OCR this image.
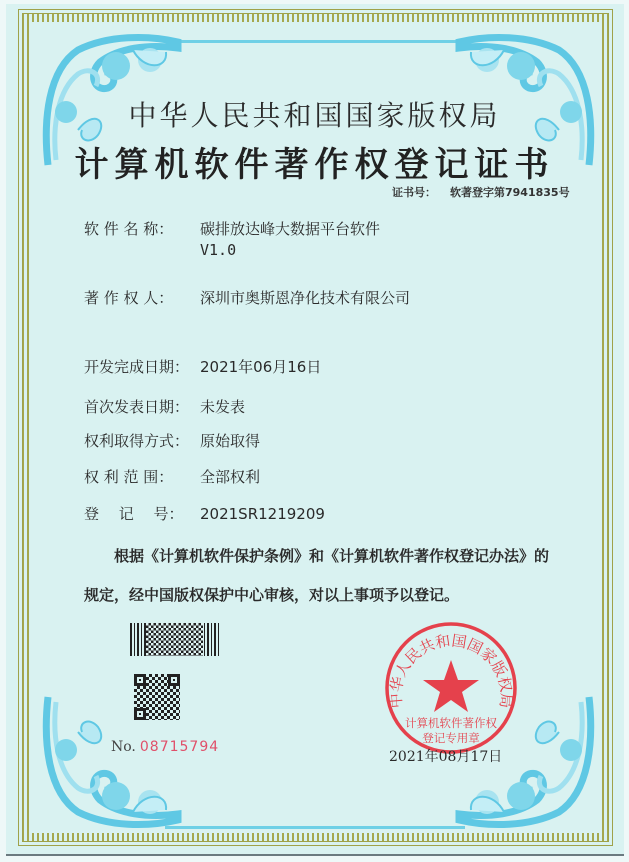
中华人民共和国国家版权局
计算机软件著作权登记证书
证书号： 软著登字第7941835号
软 件 名 称： 碳排放达峰大数据平台软件
V1.0
著 作 权 人： 深圳市奥斯恩净化技术有限公司
开发完成日期： 2021年06月16日
首次发表日期： 未发表
权利取得方式： 原始取得
权 利 范 围： 全部权利
登　 记　 号： 2021SR1219209
根据《计算机软件保护条例》和《计算机软件著作权登记办法》的
规定，经中国版权保护中心审核，对以上事项予以登记。
No. 08715794
中华人民共和国国家版权局
计算机软件著作权
登记专用章
2021年08月17日
